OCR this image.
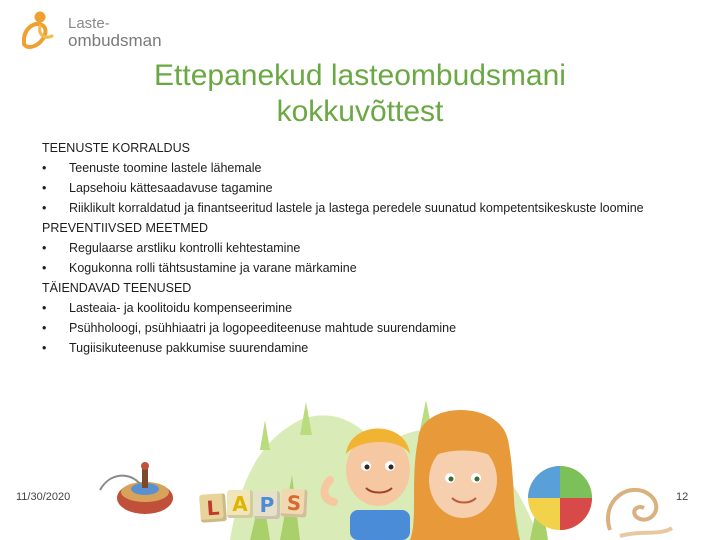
Laste-
ombudsman
Ettepanekud lasteombudsmani
kokkuvõttest
TEENUSTE KORRALDUS
•	Teenuste toomine lastele lähemale
•	Lapsehoiu kättesaadavuse tagamine
•	Riiklikult korraldatud ja finantseeritud lastele ja lastega peredele suunatud kompetentsikeskuste loomine
PREVENTIIVSED MEETMED
•	Regulaarse arstliku kontrolli kehtestamine
•	Kogukonna rolli tähtsustamine ja varane märkamine
TÄIENDAVAD TEENUSED
•	Lasteaia- ja koolitoidu kompenseerimine
•	Psühholoogi, psühhiaatri ja logopeediteenuse mahtude suurendamine
•	Tugiisikuteenuse pakkumise suurendamine
L A P S
11/30/2020	12
